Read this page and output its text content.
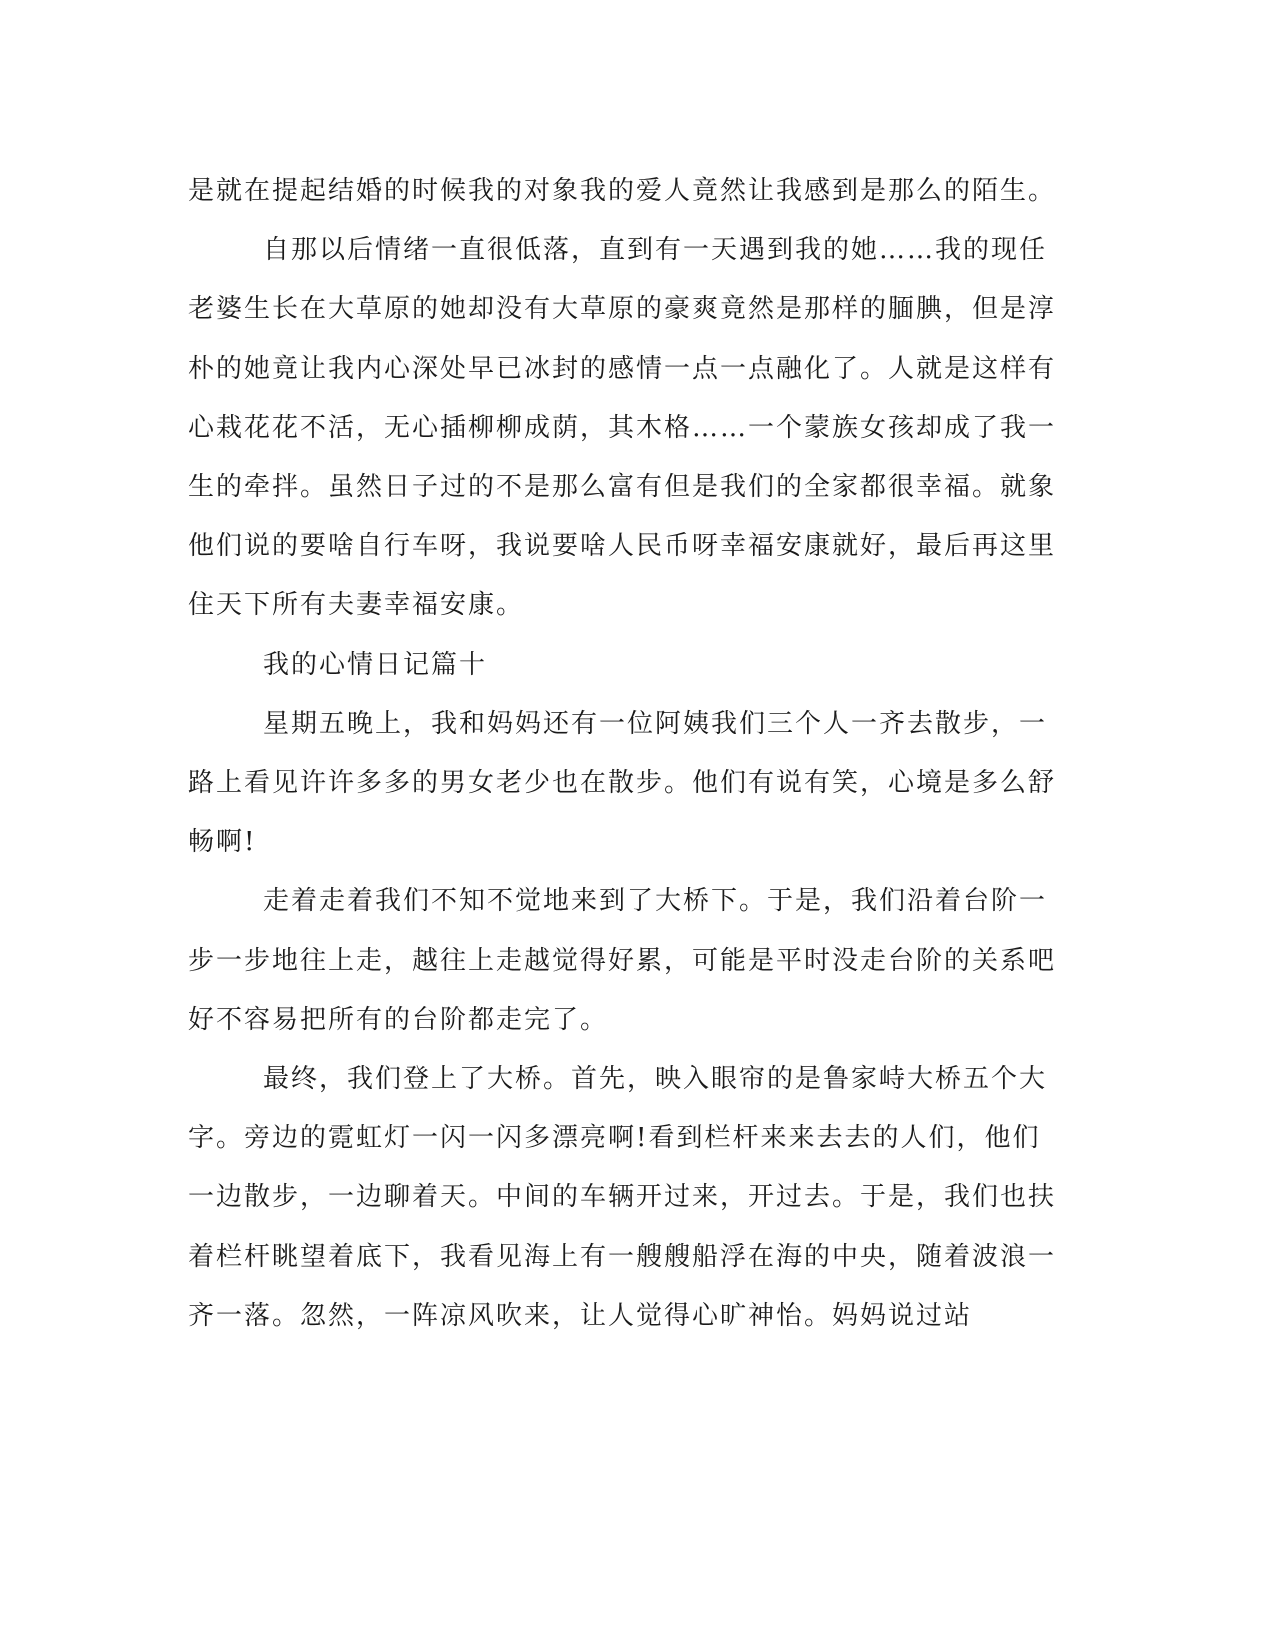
是就在提起结婚的时候我的对象我的爱人竟然让我感到是那么的陌生。

自那以后情绪一直很低落，直到有一天遇到我的她……我的现任老婆生长在大草原的她却没有大草原的豪爽竟然是那样的腼腆，但是淳朴的她竟让我内心深处早已冰封的感情一点一点融化了。人就是这样有心栽花花不活，无心插柳柳成荫，其木格……一个蒙族女孩却成了我一生的牵拌。虽然日子过的不是那么富有但是我们的全家都很幸福。就象他们说的要啥自行车呀，我说要啥人民币呀幸福安康就好，最后再这里住天下所有夫妻幸福安康。

我的心情日记篇十

星期五晚上，我和妈妈还有一位阿姨我们三个人一齐去散步，一路上看见许许多多的男女老少也在散步。他们有说有笑，心境是多么舒畅啊!

走着走着我们不知不觉地来到了大桥下。于是，我们沿着台阶一步一步地往上走，越往上走越觉得好累，可能是平时没走台阶的关系吧好不容易把所有的台阶都走完了。

最终，我们登上了大桥。首先，映入眼帘的是鲁家峙大桥五个大字。旁边的霓虹灯一闪一闪多漂亮啊!看到栏杆来来去去的人们，他们一边散步，一边聊着天。中间的车辆开过来，开过去。于是，我们也扶着栏杆眺望着底下，我看见海上有一艘艘船浮在海的中央，随着波浪一齐一落。忽然，一阵凉风吹来，让人觉得心旷神怡。妈妈说过站
